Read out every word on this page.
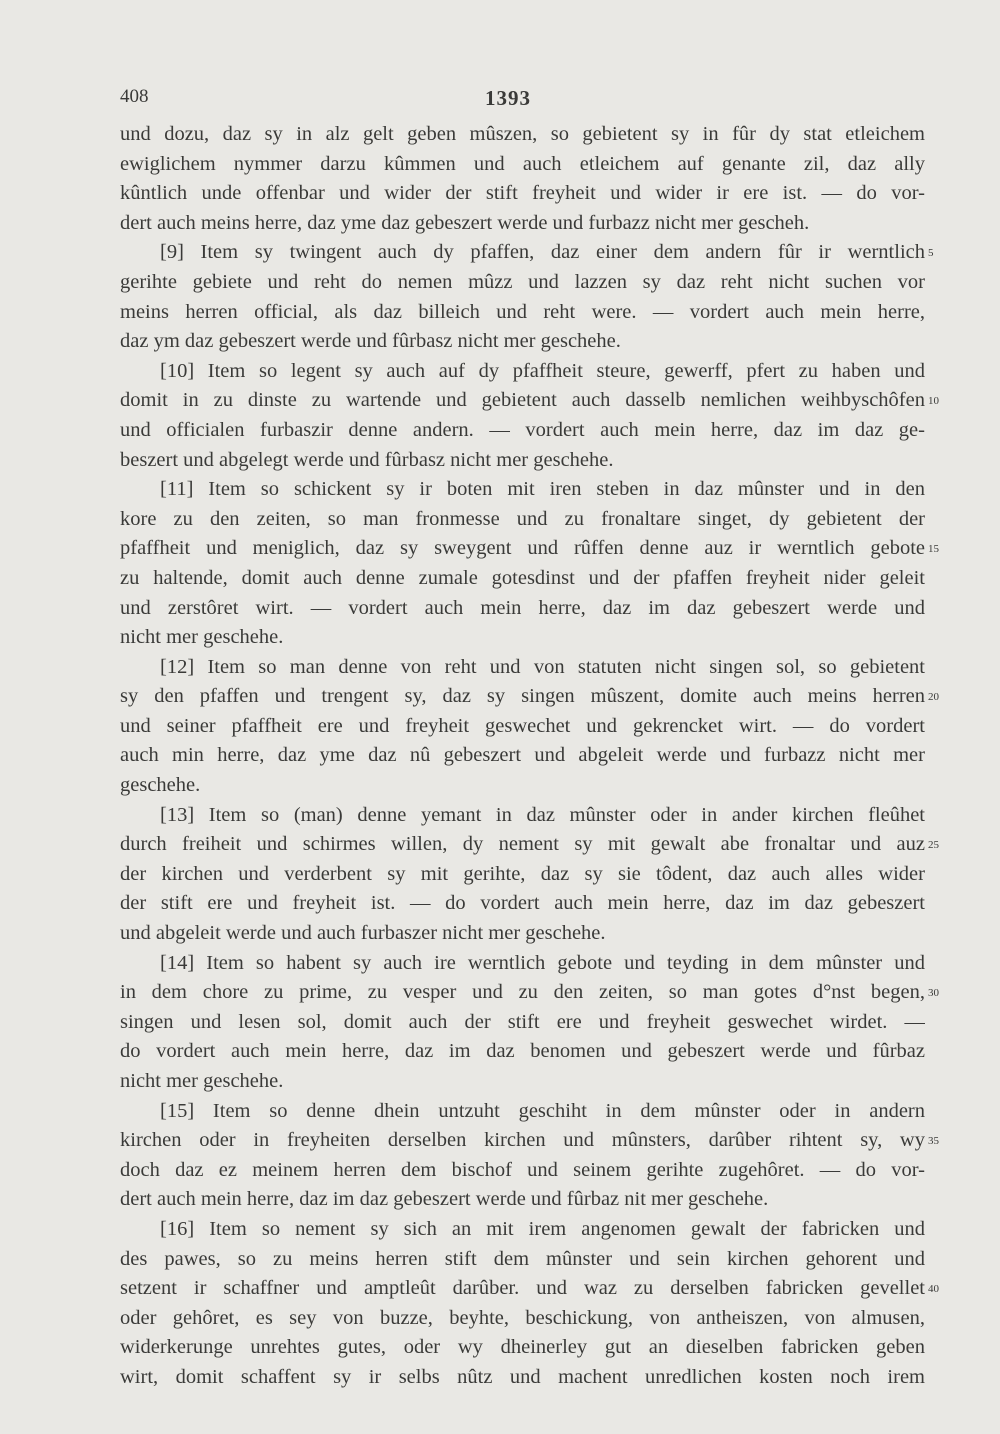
408	1393
und dozu, daz sy in alz gelt geben mûszen, so gebietent sy in fûr dy stat etleichem
ewiglichem nymmer darzu kûmmen und auch etleichem auf genante zil, daz ally
kûntlich unde offenbar und wider der stift freyheit und wider ir ere ist. — do vor-
dert auch meins herre, daz yme daz gebeszert werde und furbazz nicht mer gescheh.
[9] Item sy twingent auch dy pfaffen, daz einer dem andern fûr ir werntlich
gerihte gebiete und reht do nemen mûzz und lazzen sy daz reht nicht suchen vor
meins herren official, als daz billeich und reht were. — vordert auch mein herre,
daz ym daz gebeszert werde und fûrbasz nicht mer geschehe.
[10] Item so legent sy auch auf dy pfaffheit steure, gewerff, pfert zu haben und
domit in zu dinste zu wartende und gebietent auch dasselb nemlichen weihbyschôfen
und officialen furbaszir denne andern. — vordert auch mein herre, daz im daz ge-
beszert und abgelegt werde und fûrbasz nicht mer geschehe.
[11] Item so schickent sy ir boten mit iren steben in daz mûnster und in den
kore zu den zeiten, so man fronmesse und zu fronaltare singet, dy gebietent der
pfaffheit und meniglich, daz sy sweygent und rûffen denne auz ir werntlich gebote
zu haltende, domit auch denne zumale gotesdinst und der pfaffen freyheit nider geleit
und zerstôret wirt. — vordert auch mein herre, daz im daz gebeszert werde und
nicht mer geschehe.
[12] Item so man denne von reht und von statuten nicht singen sol, so gebietent
sy den pfaffen und trengent sy, daz sy singen mûszent, domite auch meins herren
und seiner pfaffheit ere und freyheit geswechet und gekrencket wirt. — do vordert
auch min herre, daz yme daz nû gebeszert und abgeleit werde und furbazz nicht mer
geschehe.
[13] Item so (man) denne yemant in daz mûnster oder in ander kirchen fleûhet
durch freiheit und schirmes willen, dy nement sy mit gewalt abe fronaltar und auz
der kirchen und verderbent sy mit gerihte, daz sy sie tôdent, daz auch alles wider
der stift ere und freyheit ist. — do vordert auch mein herre, daz im daz gebeszert
und abgeleit werde und auch furbaszer nicht mer geschehe.
[14] Item so habent sy auch ire werntlich gebote und teyding in dem mûnster und
in dem chore zu prime, zu vesper und zu den zeiten, so man gotes d°nst begen,
singen und lesen sol, domit auch der stift ere und freyheit geswechet wirdet. —
do vordert auch mein herre, daz im daz benomen und gebeszert werde und fûrbaz
nicht mer geschehe.
[15] Item so denne dhein untzuht geschiht in dem mûnster oder in andern
kirchen oder in freyheiten derselben kirchen und mûnsters, darûber rihtent sy, wy
doch daz ez meinem herren dem bischof und seinem gerihte zugehôret. — do vor-
dert auch mein herre, daz im daz gebeszert werde und fûrbaz nit mer geschehe.
[16] Item so nement sy sich an mit irem angenomen gewalt der fabricken und
des pawes, so zu meins herren stift dem mûnster und sein kirchen gehorent und
setzent ir schaffner und amptleût darûber. und waz zu derselben fabricken gevellet
oder gehôret, es sey von buzze, beyhte, beschickung, von antheiszen, von almusen,
widerkerunge unrehtes gutes, oder wy dheinerley gut an dieselben fabricken geben
wirt, domit schaffent sy ir selbs nûtz und machent unredlichen kosten noch irem
5
10
15
20
25
30
35
40
